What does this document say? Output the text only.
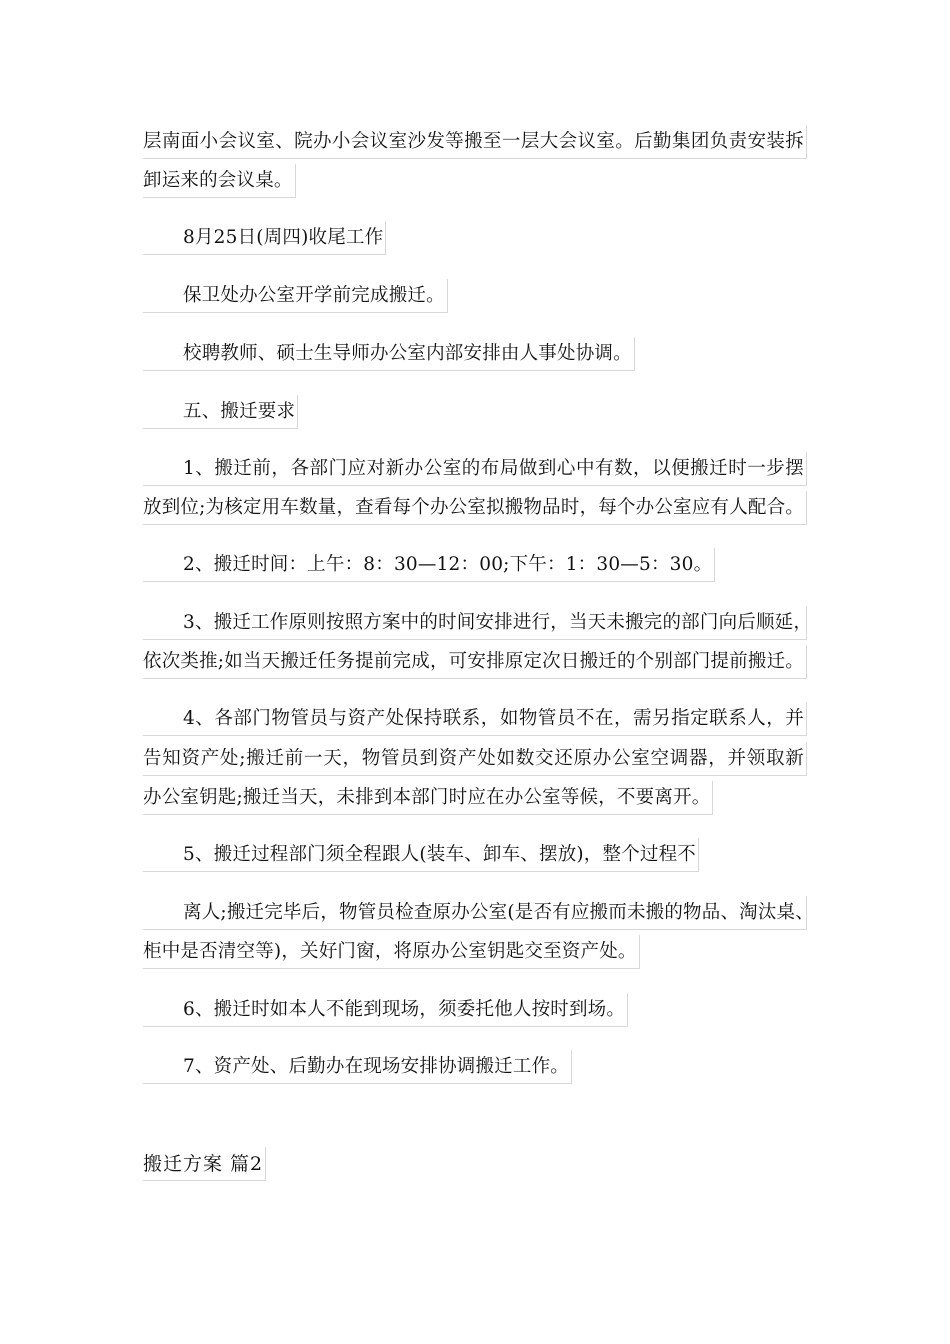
层南面小会议室、院办小会议室沙发等搬至一层大会议室。后勤集团负责安装拆
卸运来的会议桌。
8月25日(周四)收尾工作
保卫处办公室开学前完成搬迁。
校聘教师、硕士生导师办公室内部安排由人事处协调。
五、搬迁要求
1、搬迁前，各部门应对新办公室的布局做到心中有数，以便搬迁时一步摆
放到位;为核定用车数量，查看每个办公室拟搬物品时，每个办公室应有人配合。
2、搬迁时间：上午：8：30—12：00;下午：1：30—5：30。
3、搬迁工作原则按照方案中的时间安排进行，当天未搬完的部门向后顺延，
依次类推;如当天搬迁任务提前完成，可安排原定次日搬迁的个别部门提前搬迁。
4、各部门物管员与资产处保持联系，如物管员不在，需另指定联系人，并
告知资产处;搬迁前一天，物管员到资产处如数交还原办公室空调器，并领取新
办公室钥匙;搬迁当天，未排到本部门时应在办公室等候，不要离开。
5、搬迁过程部门须全程跟人(装车、卸车、摆放)，整个过程不
离人;搬迁完毕后，物管员检查原办公室(是否有应搬而未搬的物品、淘汰桌、
柜中是否清空等)，关好门窗，将原办公室钥匙交至资产处。
6、搬迁时如本人不能到现场，须委托他人按时到场。
7、资产处、后勤办在现场安排协调搬迁工作。
搬迁方案 篇2
